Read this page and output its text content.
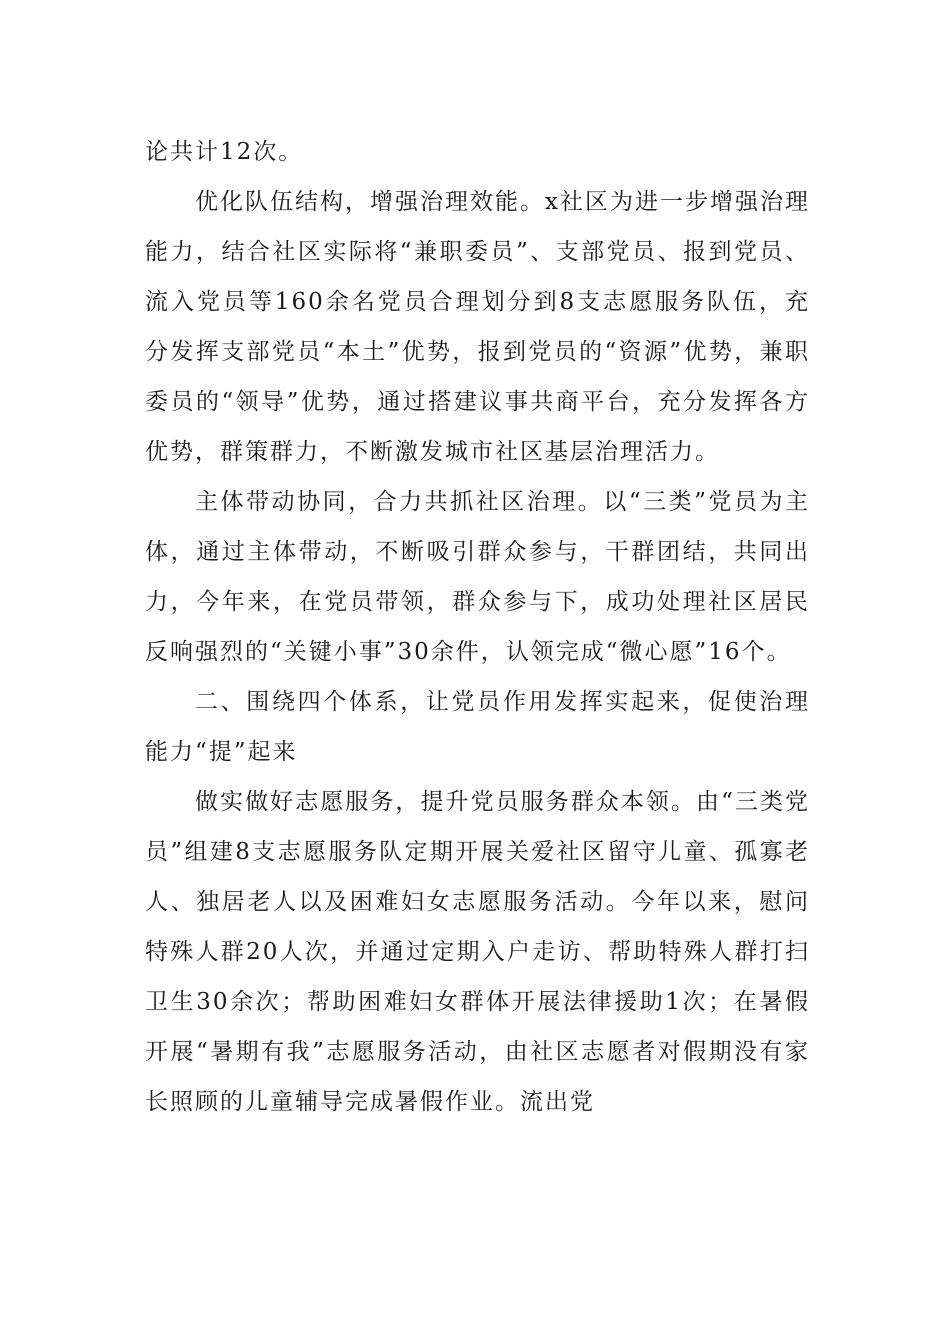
论共计12次。

优化队伍结构，增强治理效能。x社区为进一步增强治理能力，结合社区实际将“兼职委员”、支部党员、报到党员、流入党员等160余名党员合理划分到8支志愿服务队伍，充分发挥支部党员“本土”优势，报到党员的“资源”优势，兼职委员的“领导”优势，通过搭建议事共商平台，充分发挥各方优势，群策群力，不断激发城市社区基层治理活力。

主体带动协同，合力共抓社区治理。以“三类”党员为主体，通过主体带动，不断吸引群众参与，干群团结，共同出力，今年来，在党员带领，群众参与下，成功处理社区居民反响强烈的“关键小事”30余件，认领完成“微心愿”16个。

二、围绕四个体系，让党员作用发挥实起来，促使治理能力“提”起来

做实做好志愿服务，提升党员服务群众本领。由“三类党员”组建8支志愿服务队定期开展关爱社区留守儿童、孤寡老人、独居老人以及困难妇女志愿服务活动。今年以来，慰问特殊人群20人次，并通过定期入户走访、帮助特殊人群打扫卫生30余次；帮助困难妇女群体开展法律援助1次；在暑假开展“暑期有我”志愿服务活动，由社区志愿者对假期没有家长照顾的儿童辅导完成暑假作业。流出党
